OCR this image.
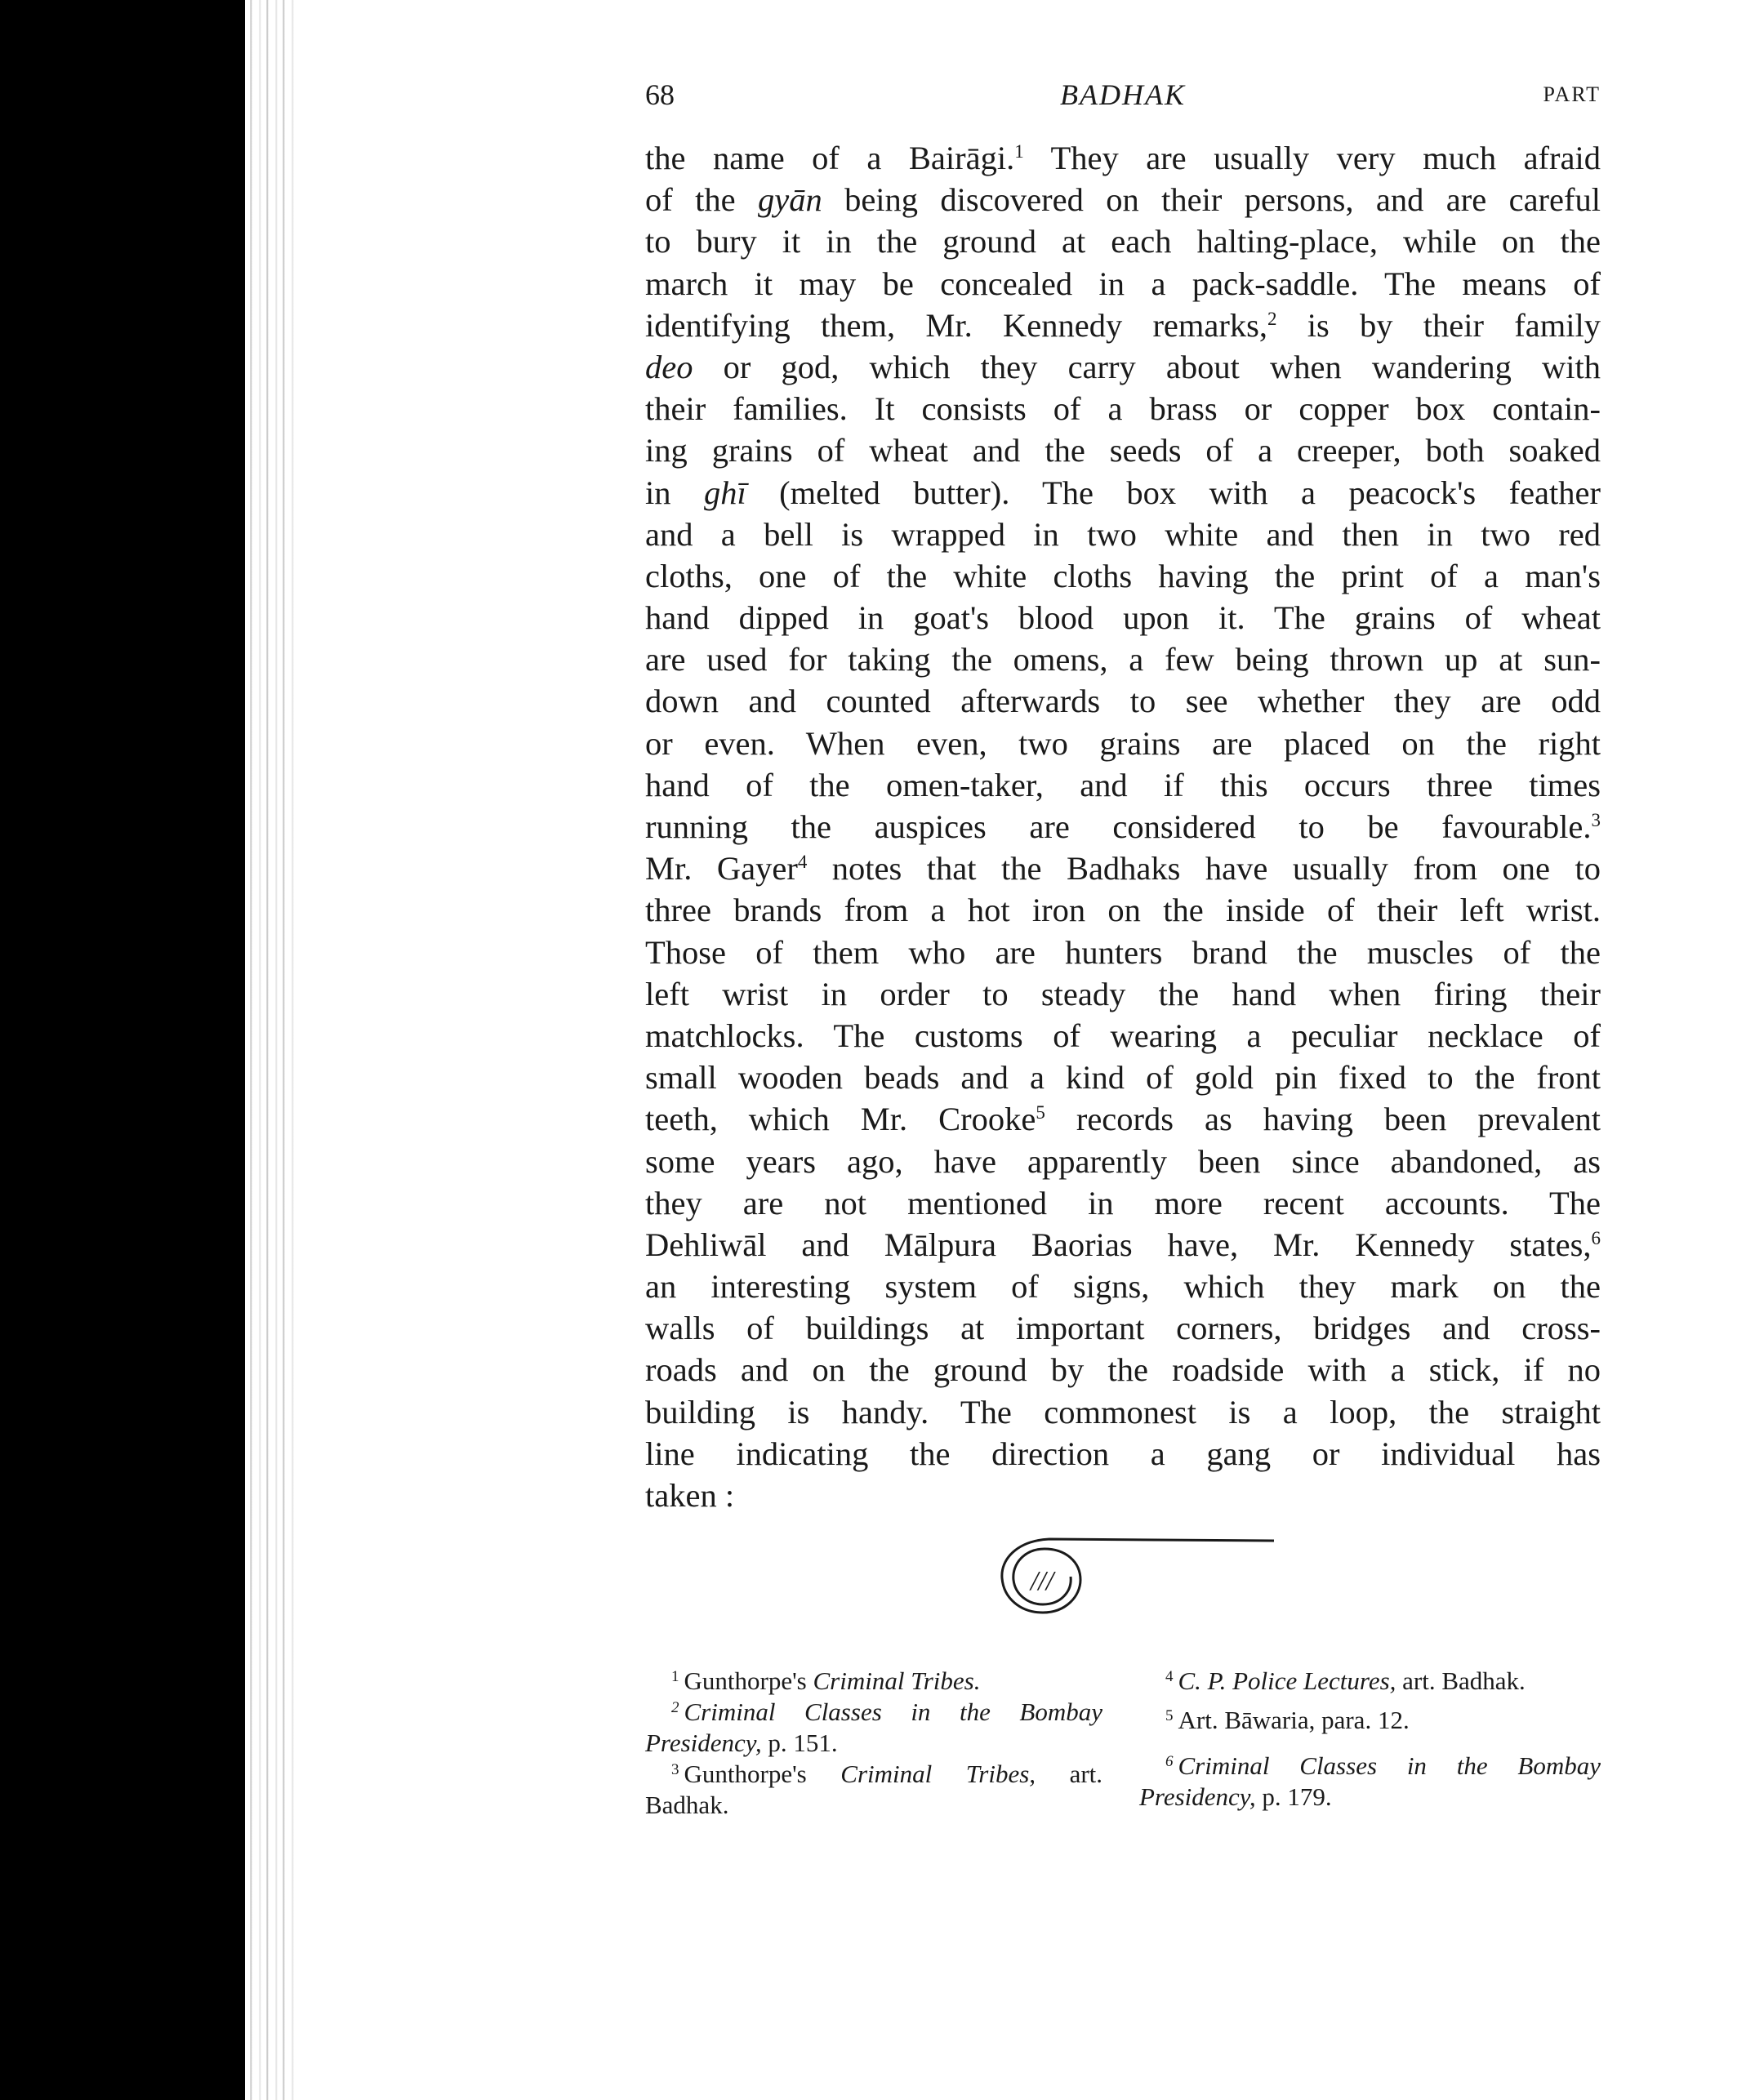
68	BADHAK	PART
the name of a Bairāgi.$^1$ They are usually very much afraid
of the gyān being discovered on their persons, and are careful
to bury it in the ground at each halting-place, while on the
march it may be concealed in a pack-saddle. The means of
identifying them, Mr. Kennedy remarks,$^2$ is by their family
deo or god, which they carry about when wandering with
their families. It consists of a brass or copper box contain-
ing grains of wheat and the seeds of a creeper, both soaked
in ghī (melted butter). The box with a peacock's feather
and a bell is wrapped in two white and then in two red
cloths, one of the white cloths having the print of a man's
hand dipped in goat's blood upon it. The grains of wheat
are used for taking the omens, a few being thrown up at sun-
down and counted afterwards to see whether they are odd
or even. When even, two grains are placed on the right
hand of the omen-taker, and if this occurs three times
running the auspices are considered to be favourable.$^3$
Mr. Gayer$^4$ notes that the Badhaks have usually from one to
three brands from a hot iron on the inside of their left wrist.
Those of them who are hunters brand the muscles of the
left wrist in order to steady the hand when firing their
matchlocks. The customs of wearing a peculiar necklace of
small wooden beads and a kind of gold pin fixed to the front
teeth, which Mr. Crooke$^5$ records as having been prevalent
some years ago, have apparently been since abandoned, as
they are not mentioned in more recent accounts. The
Dehliwāl and Mālpura Baorias have, Mr. Kennedy states,$^6$
an interesting system of signs, which they mark on the
walls of buildings at important corners, bridges and cross-
roads and on the ground by the roadside with a stick, if no
building is handy. The commonest is a loop, the straight
line indicating the direction a gang or individual has
taken :
///
$^1$ Gunthorpe's Criminal Tribes.
$^2$ Criminal Classes in the Bombay
Presidency, p. 151.
$^3$ Gunthorpe's Criminal Tribes, art.
Badhak.
$^4$ C. P. Police Lectures, art. Badhak.
$^5$ Art. Bāwaria, para. 12.
$^6$ Criminal Classes in the Bombay
Presidency, p. 179.
